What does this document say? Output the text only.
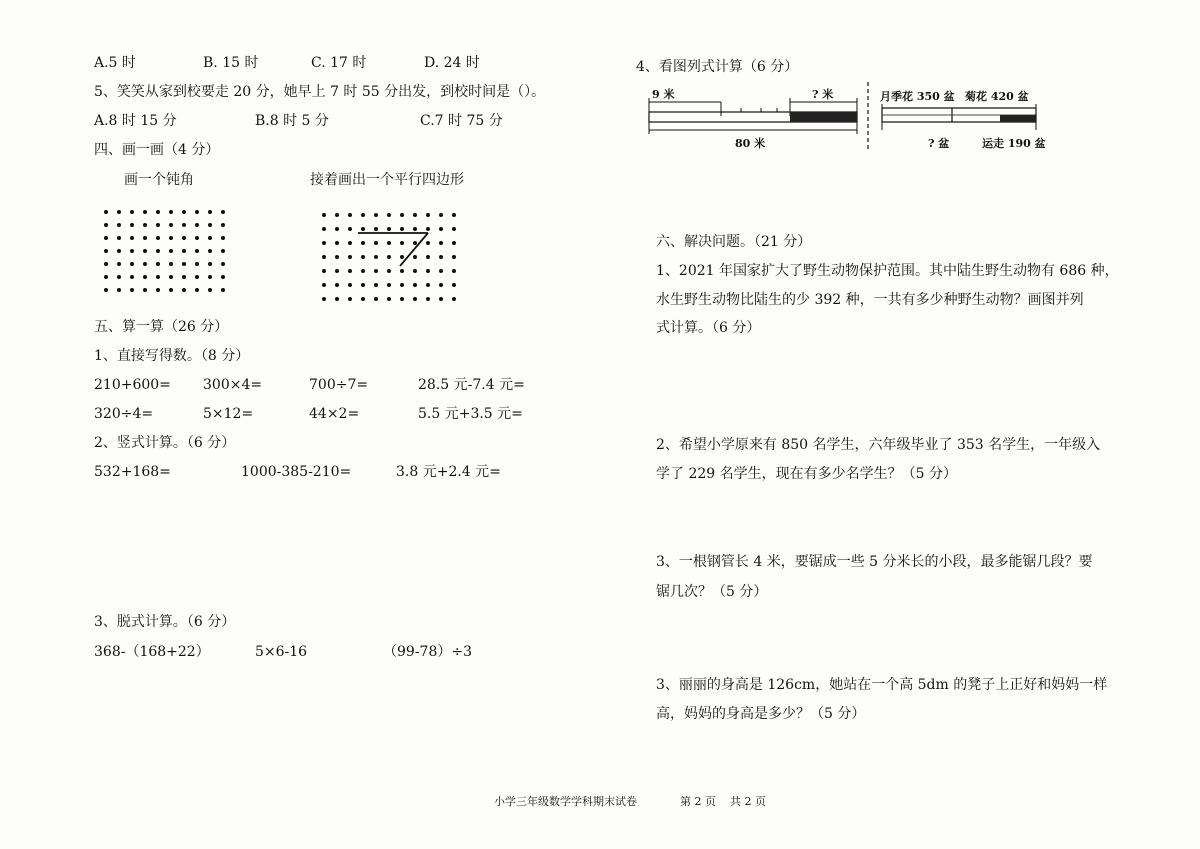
A.5 时	B. 15 时	C. 17 时	D. 24 时
5、笑笑从家到校要走 20 分，她早上 7 时 55 分出发，到校时间是（）。
A.8 时 15 分	B.8 时 5 分	C.7 时 75 分
四、画一画（4 分）
画一个钝角	接着画出一个平行四边形
五、算一算（26 分）
1、直接写得数。（8 分）
210+600= 300×4=	700÷7=	28.5 元-7.4 元=
320÷4=	5×12=	44×2=	5.5 元+3.5 元=
2、竖式计算。（6 分）
532+168=	1000-385-210=	3.8 元+2.4 元=
3、脱式计算。（6 分）
368-（168+22）	5×6-16	（99-78）÷3
4、看图列式计算（6 分）
9 米	? 米
80 米
月季花 350 盆 菊花 420 盆
? 盆	运走 190 盆
六、解决问题。（21 分）
1、2021 年国家扩大了野生动物保护范围。其中陆生野生动物有 686 种，
水生野生动物比陆生的少 392 种，一共有多少种野生动物？画图并列
式计算。（6 分）
2、希望小学原来有 850 名学生，六年级毕业了 353 名学生，一年级入
学了 229 名学生，现在有多少名学生？（5 分）
3、一根钢管长 4 米，要锯成一些 5 分米长的小段，最多能锯几段？要
锯几次？（5 分）
3、丽丽的身高是 126cm，她站在一个高 5dm 的凳子上正好和妈妈一样
高，妈妈的身高是多少？（5 分）
小学三年级数学学科期末试卷	第 2 页 共 2 页
